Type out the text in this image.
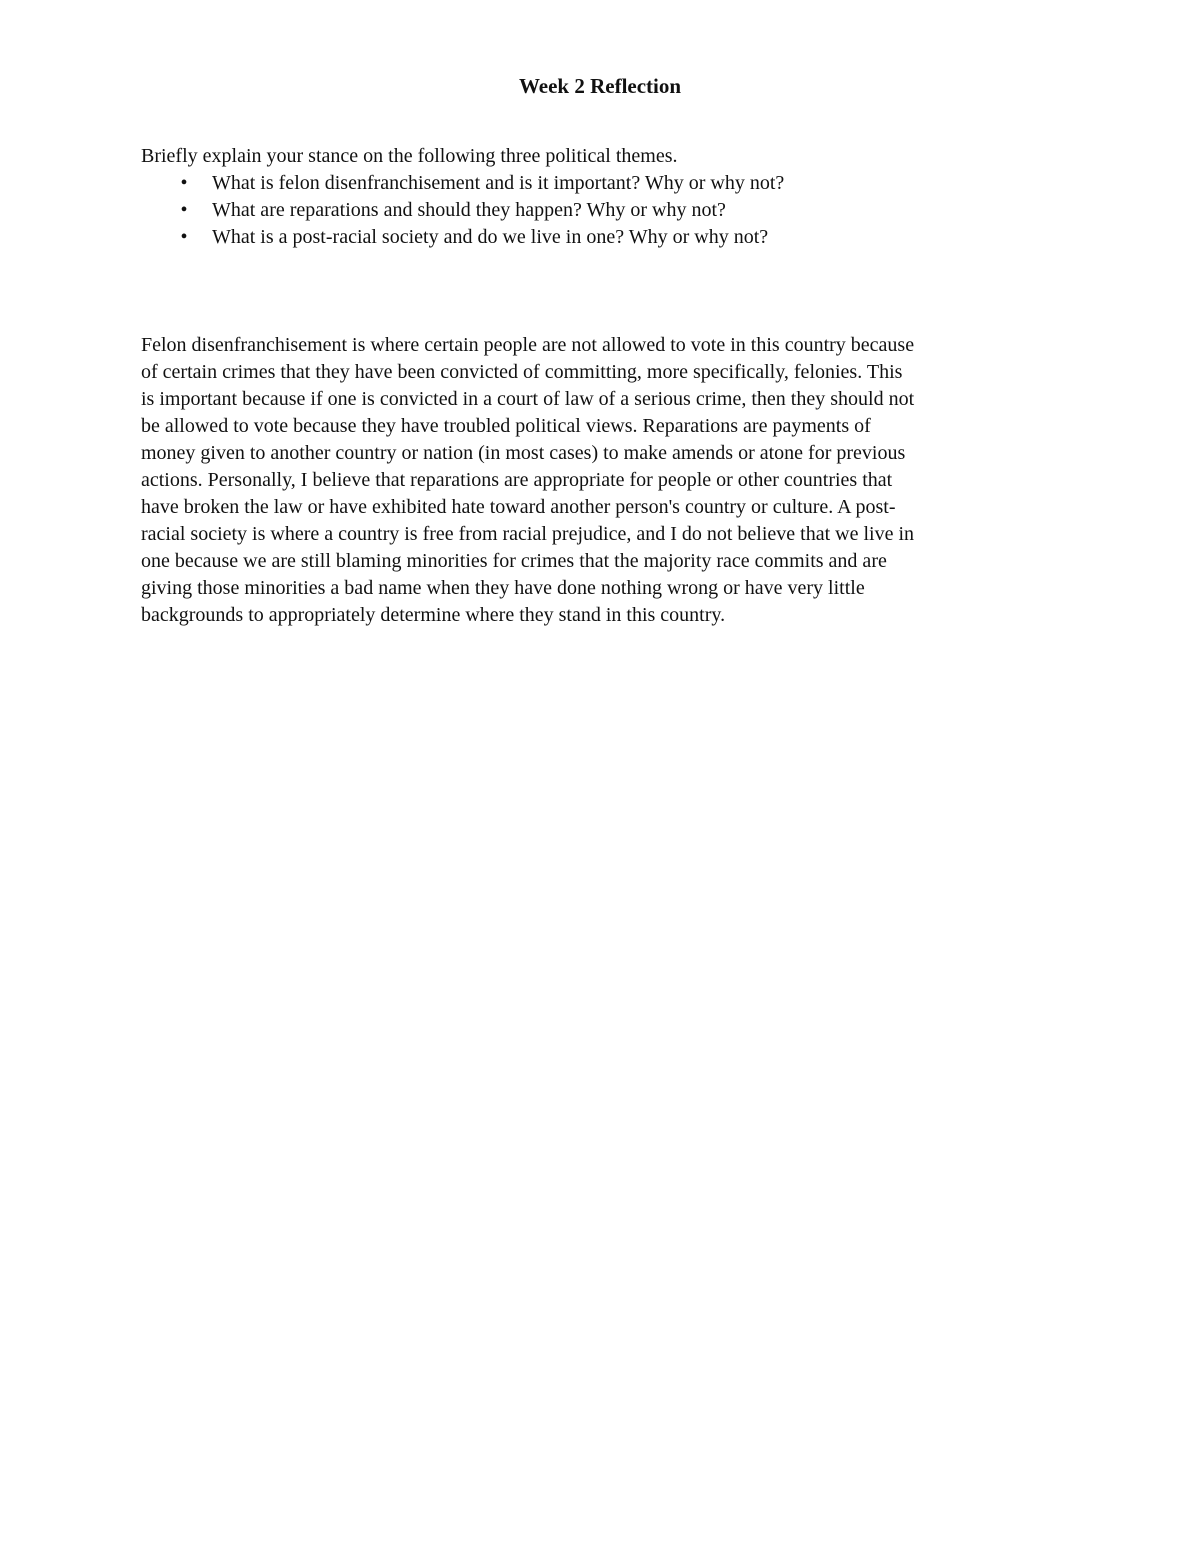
Week 2 Reflection
Briefly explain your stance on the following three political themes.
•	What is felon disenfranchisement and is it important? Why or why not?
•	What are reparations and should they happen? Why or why not?
•	What is a post-racial society and do we live in one? Why or why not?
Felon disenfranchisement is where certain people are not allowed to vote in this country because
of certain crimes that they have been convicted of committing, more specifically, felonies. This
is important because if one is convicted in a court of law of a serious crime, then they should not
be allowed to vote because they have troubled political views. Reparations are payments of
money given to another country or nation (in most cases) to make amends or atone for previous
actions. Personally, I believe that reparations are appropriate for people or other countries that
have broken the law or have exhibited hate toward another person's country or culture. A post-
racial society is where a country is free from racial prejudice, and I do not believe that we live in
one because we are still blaming minorities for crimes that the majority race commits and are
giving those minorities a bad name when they have done nothing wrong or have very little
backgrounds to appropriately determine where they stand in this country.
